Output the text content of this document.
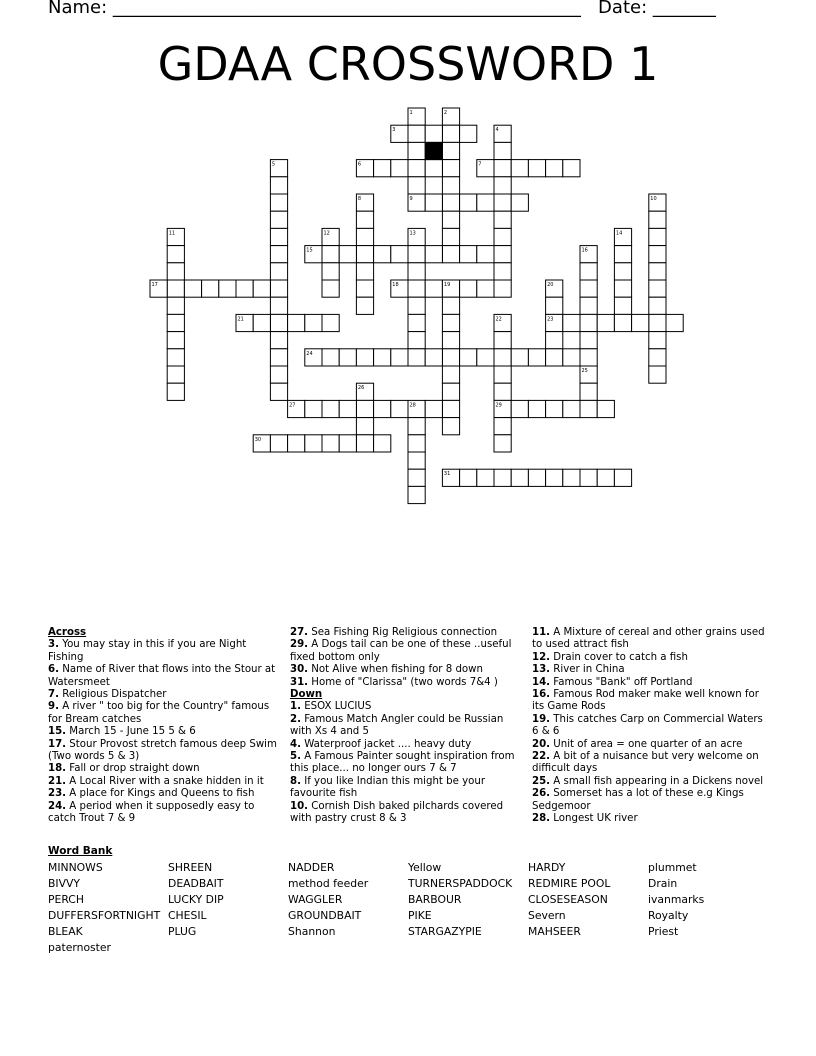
Name: ____________________________________________________   Date: _______
GDAA CROSSWORD 1
1	2
3	4
5	6	7
8	9	10
11	12	13	14
15	16
17	18	19	20
21	22	23
24
25
26
27	28	29
30
31
Across
3. You may stay in this if you are Night Fishing
6. Name of River that flows into the Stour at Watersmeet
7. Religious Dispatcher
9. A river " too big for the Country" famous for Bream catches
15. March 15 - June 15 5 & 6
17. Stour Provost stretch famous deep Swim (Two words 5 & 3)
18. Fall or drop straight down
21. A Local River with a snake hidden in it
23. A place for Kings and Queens to fish
24. A period when it supposedly easy to catch Trout 7 & 9
27. Sea Fishing Rig Religious connection
29. A Dogs tail can be one of these ..useful fixed bottom only
30. Not Alive when fishing for 8 down
31. Home of "Clarissa" (two words 7&4 )
Down
1. ESOX LUCIUS
2. Famous Match Angler could be Russian with Xs 4 and 5
4. Waterproof jacket .... heavy duty
5. A Famous Painter sought inspiration from this place... no longer ours 7 & 7
8. If you like Indian this might be your favourite fish
10. Cornish Dish baked pilchards covered with pastry crust 8 & 3
11. A Mixture of cereal and other grains used to used attract fish
12. Drain cover to catch a fish
13. River in China
14. Famous "Bank" off Portland
16. Famous Rod maker make well known for its Game Rods
19. This catches Carp on Commercial Waters 6 & 6
20. Unit of area = one quarter of an acre
22. A bit of a nuisance but very welcome on difficult days
25. A small fish appearing in a Dickens novel
26. Somerset has a lot of these e.g Kings Sedgemoor
28. Longest UK river
Word Bank
MINNOWS	SHREEN	NADDER	Yellow	HARDY	plummet
BIVVY	DEADBAIT	method feeder	TURNERSPADDOCK	REDMIRE POOL	Drain
PERCH	LUCKY DIP	WAGGLER	BARBOUR	CLOSESEASON	ivanmarks
DUFFERSFORTNIGHT CHESIL	GROUNDBAIT	PIKE	Severn	Royalty
BLEAK	PLUG	Shannon	STARGAZYPIE	MAHSEER	Priest
paternoster
